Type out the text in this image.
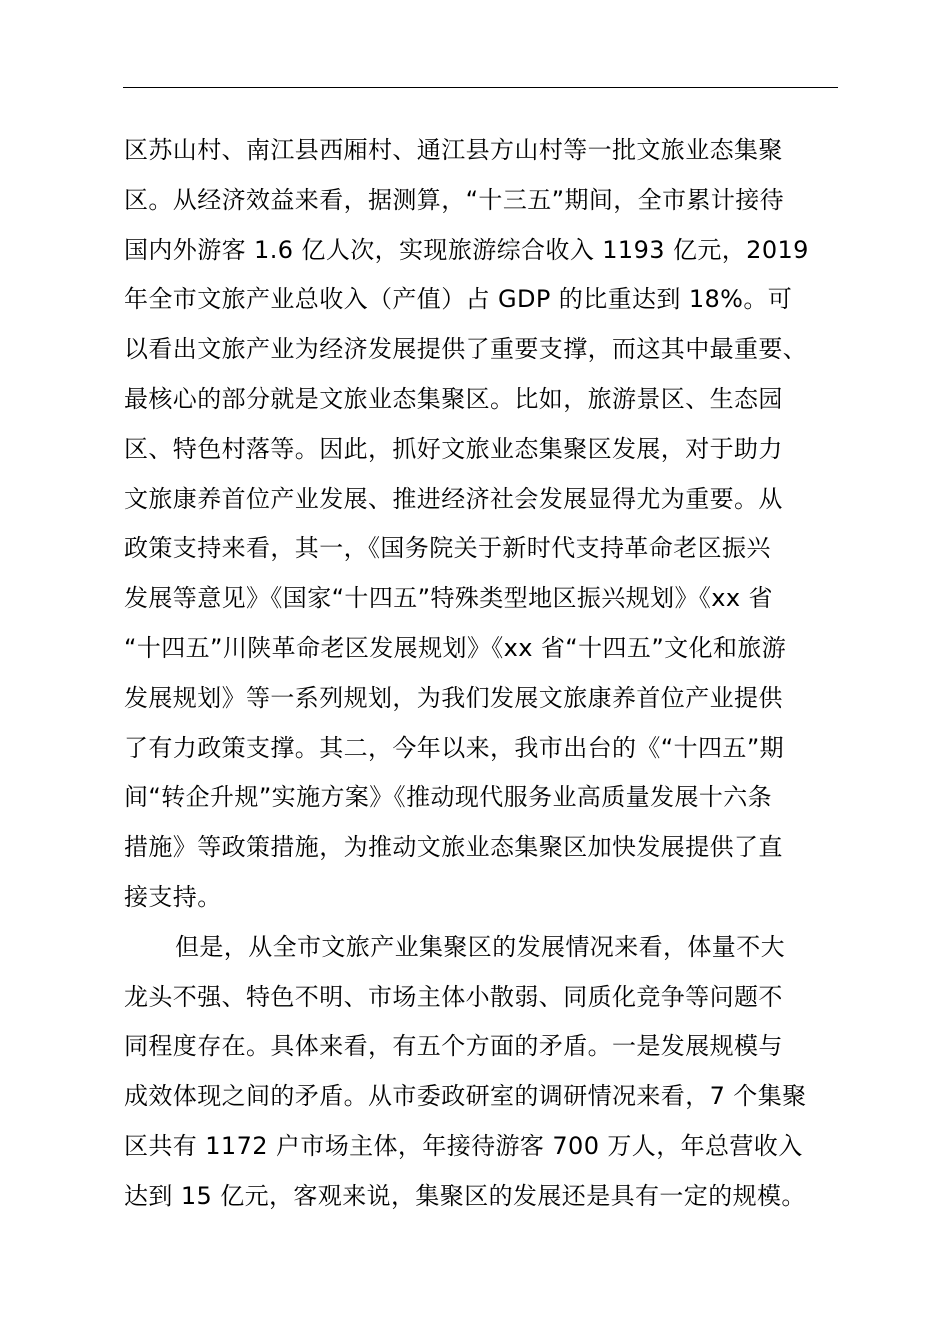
区苏山村、南江县西厢村、通江县方山村等一批文旅业态集聚
区。从经济效益来看，据测算，“十三五”期间，全市累计接待
国内外游客 1.6 亿人次，实现旅游综合收入 1193 亿元，2019
年全市文旅产业总收入（产值）占 GDP 的比重达到 18%。可
以看出文旅产业为经济发展提供了重要支撑，而这其中最重要、
最核心的部分就是文旅业态集聚区。比如，旅游景区、生态园
区、特色村落等。因此，抓好文旅业态集聚区发展，对于助力
文旅康养首位产业发展、推进经济社会发展显得尤为重要。从
政策支持来看，其一，《国务院关于新时代支持革命老区振兴
发展等意见》《国家“十四五”特殊类型地区振兴规划》《xx 省
“十四五”川陕革命老区发展规划》《xx 省“十四五”文化和旅游
发展规划》等一系列规划，为我们发展文旅康养首位产业提供
了有力政策支撑。其二，今年以来，我市出台的《“十四五”期
间“转企升规”实施方案》《推动现代服务业高质量发展十六条
措施》等政策措施，为推动文旅业态集聚区加快发展提供了直
接支持。
但是，从全市文旅产业集聚区的发展情况来看，体量不大
龙头不强、特色不明、市场主体小散弱、同质化竞争等问题不
同程度存在。具体来看，有五个方面的矛盾。一是发展规模与
成效体现之间的矛盾。从市委政研室的调研情况来看，7 个集聚
区共有 1172 户市场主体，年接待游客 700 万人，年总营收入
达到 15 亿元，客观来说，集聚区的发展还是具有一定的规模。
